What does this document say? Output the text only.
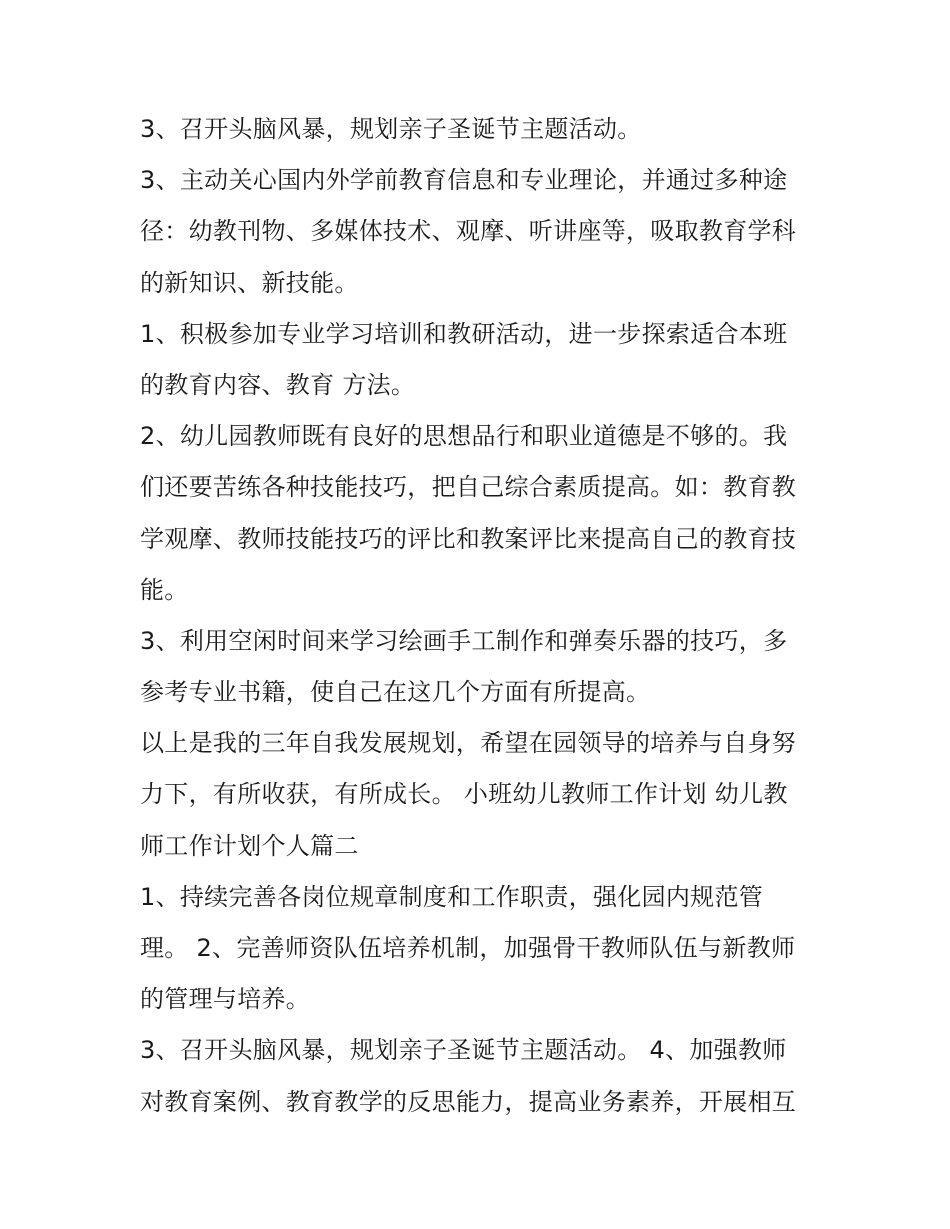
3、召开头脑风暴，规划亲子圣诞节主题活动。
3、主动关心国内外学前教育信息和专业理论，并通过多种途
径：幼教刊物、多媒体技术、观摩、听讲座等，吸取教育学科
的新知识、新技能。
1、积极参加专业学习培训和教研活动，进一步探索适合本班
的教育内容、教育 方法。
2、幼儿园教师既有良好的思想品行和职业道德是不够的。我
们还要苦练各种技能技巧，把自己综合素质提高。如：教育教
学观摩、教师技能技巧的评比和教案评比来提高自己的教育技
能。
3、利用空闲时间来学习绘画手工制作和弹奏乐器的技巧，多
参考专业书籍，使自己在这几个方面有所提高。
以上是我的三年自我发展规划，希望在园领导的培养与自身努
力下，有所收获，有所成长。 小班幼儿教师工作计划 幼儿教
师工作计划个人篇二
1、持续完善各岗位规章制度和工作职责，强化园内规范管
理。 2、完善师资队伍培养机制，加强骨干教师队伍与新教师
的管理与培养。
3、召开头脑风暴，规划亲子圣诞节主题活动。 4、加强教师
对教育案例、教育教学的反思能力，提高业务素养，开展相互
